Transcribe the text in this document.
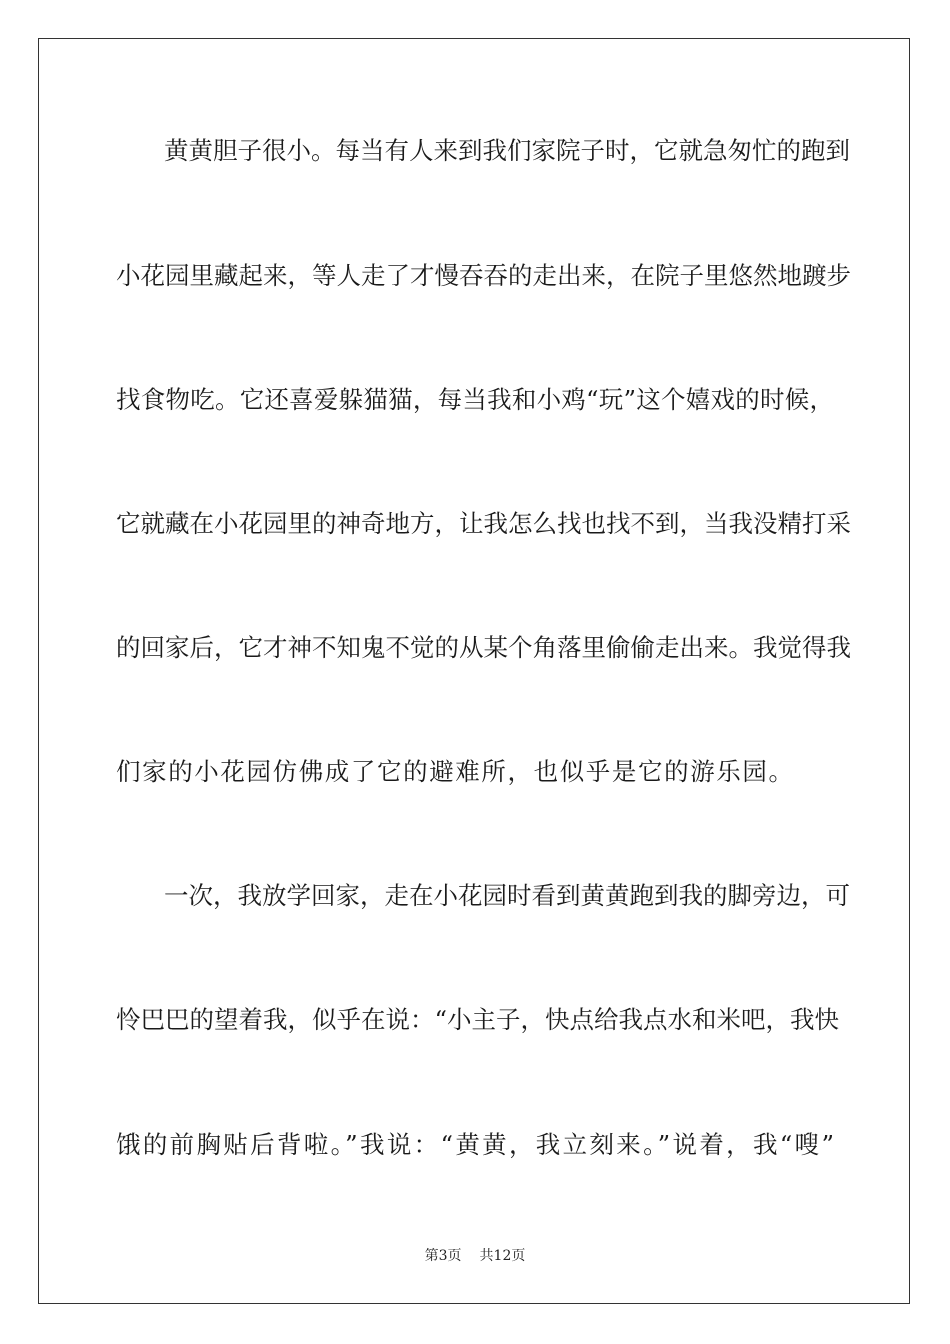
黄黄胆子很小。每当有人来到我们家院子时，它就急匆忙的跑到
小花园里藏起来，等人走了才慢吞吞的走出来，在院子里悠然地踱步
找食物吃。它还喜爱躲猫猫，每当我和小鸡“玩”这个嬉戏的时候，
它就藏在小花园里的神奇地方，让我怎么找也找不到，当我没精打采
的回家后，它才神不知鬼不觉的从某个角落里偷偷走出来。我觉得我
们家的小花园仿佛成了它的避难所，也似乎是它的游乐园。
一次，我放学回家，走在小花园时看到黄黄跑到我的脚旁边，可
怜巴巴的望着我，似乎在说：“小主子，快点给我点水和米吧，我快
饿的前胸贴后背啦。”我说：“黄黄，我立刻来。”说着，我“嗖”
第3页 共12页
